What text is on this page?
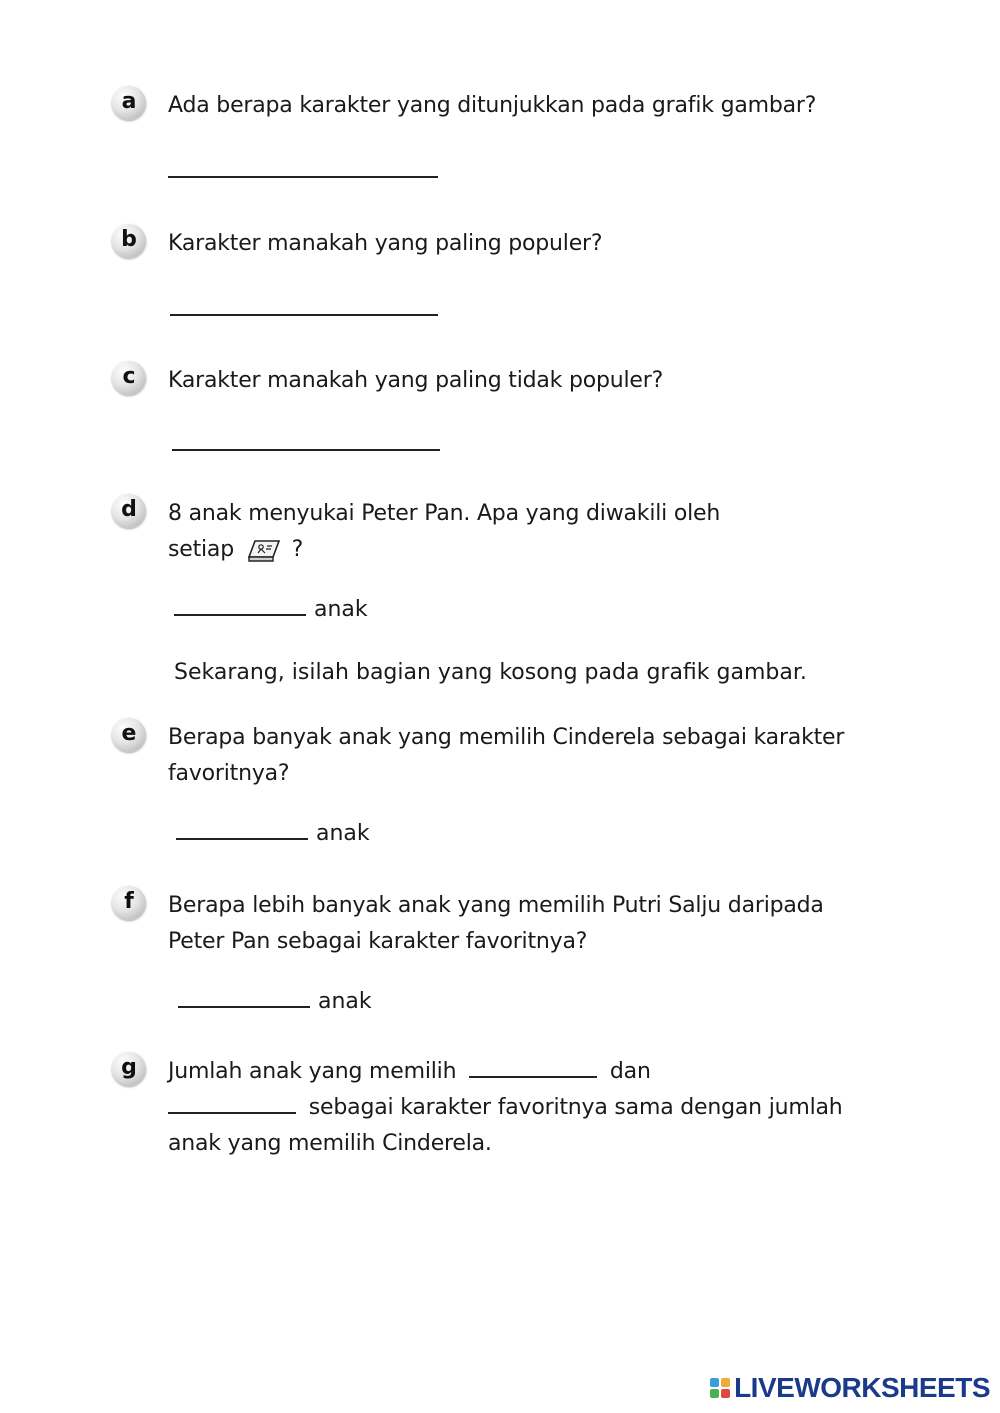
a	Ada berapa karakter yang ditunjukkan pada grafik gambar?
b	Karakter manakah yang paling populer?
c	Karakter manakah yang paling tidak populer?
d	8 anak menyukai Peter Pan. Apa yang diwakili oleh
setiap	?
anak
Sekarang, isilah bagian yang kosong pada grafik gambar.
e	Berapa banyak anak yang memilih Cinderela sebagai karakter
favoritnya?
anak
f	Berapa lebih banyak anak yang memilih Putri Salju daripada
Peter Pan sebagai karakter favoritnya?
anak
g	Jumlah anak yang memilih	dan
sebagai karakter favoritnya sama dengan jumlah
anak yang memilih Cinderela.
LIVEWORKSHEETS
